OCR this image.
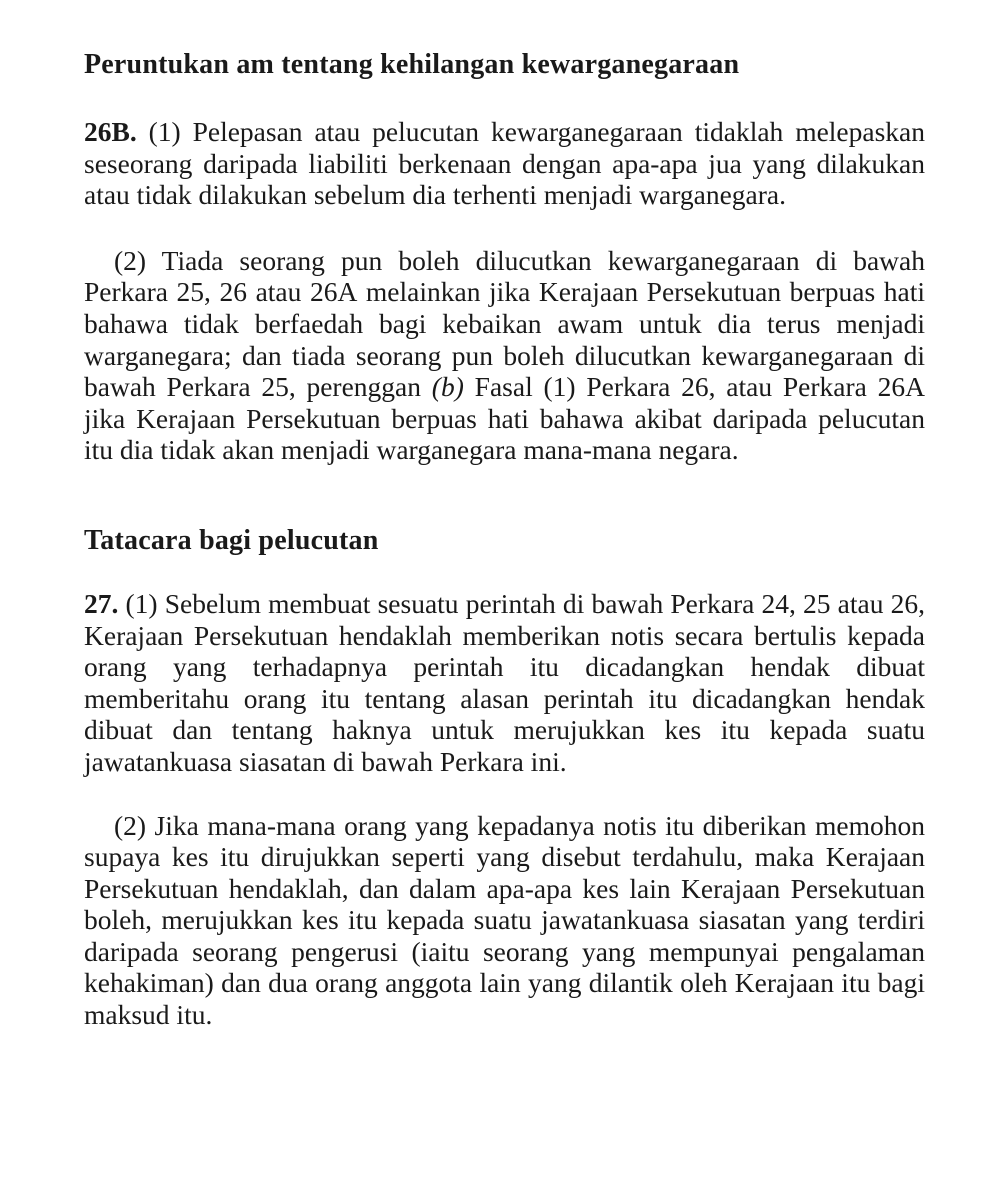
Peruntukan am tentang kehilangan kewarganegaraan

26B. (1) Pelepasan atau pelucutan kewarganegaraan tidaklah melepaskan seseorang daripada liabiliti berkenaan dengan apa-apa jua yang dilakukan atau tidak dilakukan sebelum dia terhenti menjadi warganegara.

(2) Tiada seorang pun boleh dilucutkan kewarganegaraan di bawah Perkara 25, 26 atau 26A melainkan jika Kerajaan Persekutuan berpuas hati bahawa tidak berfaedah bagi kebaikan awam untuk dia terus menjadi warganegara; dan tiada seorang pun boleh dilucutkan kewarganegaraan di bawah Perkara 25, perenggan (b) Fasal (1) Perkara 26, atau Perkara 26A jika Kerajaan Persekutuan berpuas hati bahawa akibat daripada pelucutan itu dia tidak akan menjadi warganegara mana-mana negara.

Tatacara bagi pelucutan

27. (1) Sebelum membuat sesuatu perintah di bawah Perkara 24, 25 atau 26, Kerajaan Persekutuan hendaklah memberikan notis secara bertulis kepada orang yang terhadapnya perintah itu dicadangkan hendak dibuat memberitahu orang itu tentang alasan perintah itu dicadangkan hendak dibuat dan tentang haknya untuk merujukkan kes itu kepada suatu jawatankuasa siasatan di bawah Perkara ini.

(2) Jika mana-mana orang yang kepadanya notis itu diberikan memohon supaya kes itu dirujukkan seperti yang disebut terdahulu, maka Kerajaan Persekutuan hendaklah, dan dalam apa-apa kes lain Kerajaan Persekutuan boleh, merujukkan kes itu kepada suatu jawatankuasa siasatan yang terdiri daripada seorang pengerusi (iaitu seorang yang mempunyai pengalaman kehakiman) dan dua orang anggota lain yang dilantik oleh Kerajaan itu bagi maksud itu.
